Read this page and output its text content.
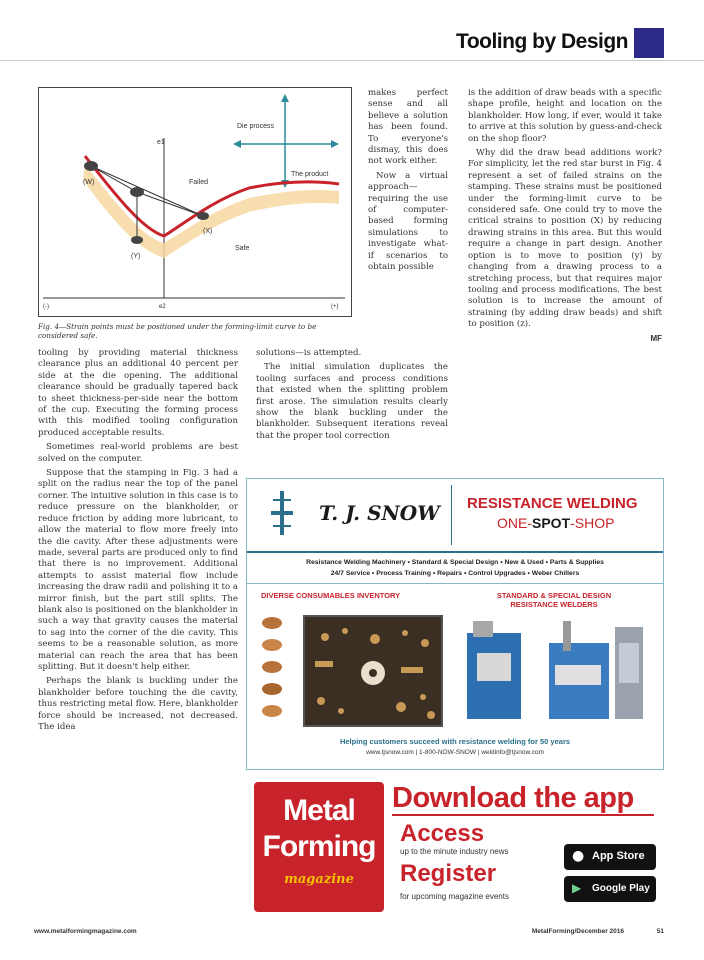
Tooling by Design
Die process
The product
Failed
Safe
(W)
(X)
(Y)
e1
(-)	e2	(+)
Fig. 4—Strain points must be positioned under the forming-limit curve to be considered safe.

tooling by providing material thickness clearance plus an additional 40 percent per side at the die opening. The additional clearance should be gradually tapered back to sheet thickness-per-side near the bottom of the cup. Executing the forming process with this modified tooling configuration produced acceptable results.

Sometimes real-world problems are best solved on the computer.

Suppose that the stamping in Fig. 3 had a split on the radius near the top of the panel corner. The intuitive solution in this case is to reduce pressure on the blankholder, or reduce friction by adding more lubricant, to allow the material to flow more freely into the die cavity. After these adjustments were made, several parts are produced only to find that there is no improvement. Additional attempts to assist material flow include increasing the draw radii and polishing it to a mirror finish, but the part still splits. The blank also is positioned on the blankholder in such a way that gravity causes the material to sag into the corner of the die cavity. This seems to be a reasonable solution, as more material can reach the area that has been splitting. But it doesn't help either.

Perhaps the blank is buckling under the blankholder before touching the die cavity, thus restricting metal flow. Here, blankholder force should be increased, not decreased. The idea

makes perfect sense and all believe a solution has been found. To everyone's dismay, this does not work either.

Now a virtual approach—requiring the use of computer-based forming simulations to investigate what-if scenarios to obtain possible

solutions—is attempted.

The initial simulation duplicates the tooling surfaces and process conditions that existed when the splitting problem first arose. The simulation results clearly show the blank buckling under the blankholder. Subsequent iterations reveal that the proper tool correction

is the addition of draw beads with a specific shape profile, height and location on the blankholder. How long, if ever, would it take to arrive at this solution by guess-and-check on the shop floor?

Why did the draw bead additions work? For simplicity, let the red star burst in Fig. 4 represent a set of failed strains on the stamping. These strains must be positioned under the forming-limit curve to be considered safe. One could try to move the critical strains to position (X) by reducing drawing strains in this area. But this would require a change in part design. Another option is to move to position (y) by changing from a drawing process to a stretching process, but that requires major tooling and process modifications. The best solution is to increase the amount of straining (by adding draw beads) and shift to position (z).

MF
T. J. SNOW RESISTANCE WELDING
ONE-SPOT-SHOP
Resistance Welding Machinery • Standard & Special Design • New & Used • Parts & Supplies
24/7 Service • Process Training • Repairs • Control Upgrades • Weber Chillers
DIVERSE CONSUMABLES INVENTORY	STANDARD & SPECIAL DESIGN RESISTANCE WELDERS
Helping customers succeed with resistance welding for 50 years
www.tjsnow.com | 1-800-NOW-SNOW | weldinfo@tjsnow.com
Metal
Forming
magazine
Download the app
Access
up to the minute industry news
Register
for upcoming magazine events
● App Store
▶ Google Play
www.metalformingmagazine.com	MetalForming/December 2016	51
